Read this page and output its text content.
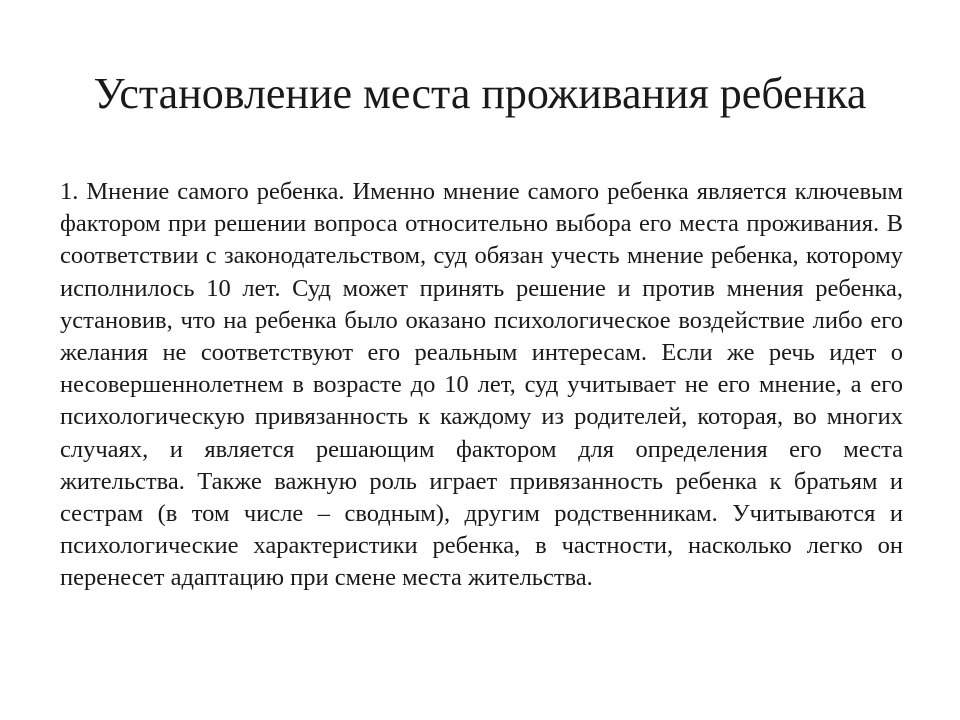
Установление места проживания ребенка

1. Мнение самого ребенка. Именно мнение самого ребенка является ключевым фактором при решении вопроса относительно выбора его места проживания. В соответствии с законодательством, суд обязан учесть мнение ребенка, которому исполнилось 10 лет. Суд может принять решение и против мнения ребенка, установив, что на ребенка было оказано психологическое воздействие либо его желания не соответствуют его реальным интересам. Если же речь идет о несовершеннолетнем в возрасте до 10 лет, суд учитывает не его мнение, а его психологическую привязанность к каждому из родителей, которая, во многих случаях, и является решающим фактором для определения его места жительства. Также важную роль играет привязанность ребенка к братьям и сестрам (в том числе – сводным), другим родственникам. Учитываются и психологические характеристики ребенка, в частности, насколько легко он перенесет адаптацию при смене места жительства.
